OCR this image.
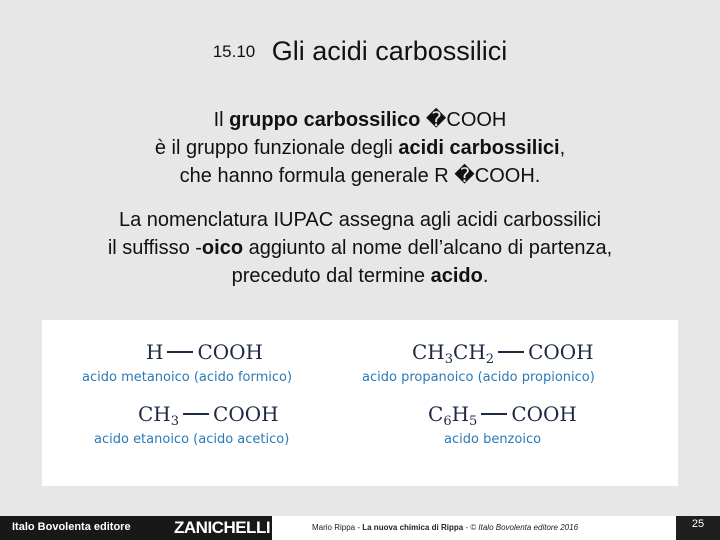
15.10 Gli acidi carbossilici
Il gruppo carbossilico �COOH
è il gruppo funzionale degli acidi carbossilici,
che hanno formula generale R �COOH.
La nomenclatura IUPAC assegna agli acidi carbossilici
il suffisso -oico aggiunto al nome dell’alcano di partenza,
preceduto dal termine acido.
H COOH
acido metanoico (acido formico)
$CH_3CH_2$ COOH
acido propanoico (acido propionico)
$CH_3$ COOH
acido etanoico (acido acetico)
$C_6H_5$ COOH
acido benzoico
Italo Bovolenta editore	ZANICHELLI	Mario Rippa - La nuova chimica di Rippa - © Italo Bovolenta editore 2016	25
